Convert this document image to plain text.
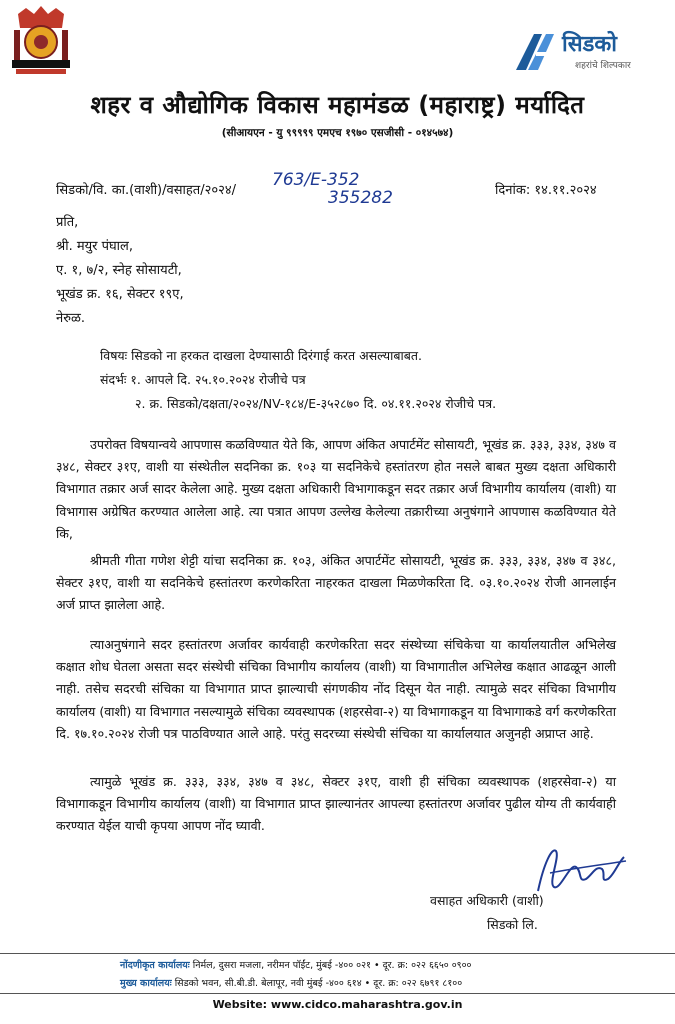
सिडको
शहरांचे शिल्पकार
शहर व औद्योगिक विकास महामंडळ (महाराष्ट्र) मर्यादित
(सीआयएन - यु ९९९९९ एमएच १९७० एसजीसी - ०१४५७४)
सिडको/वि. का.(वाशी)/वसाहत/२०२४/
763/E-352
355282	दिनांक: १४.११.२०२४
प्रति,
श्री. मयुर पंघाल,
ए. १, ७/२, स्नेह सोसायटी,
भूखंड क्र. १६, सेक्टर १९ए,
नेरुळ.
विषयः सिडको ना हरकत दाखला देण्यासाठी दिरंगाई करत असल्याबाबत.
संदर्भः १. आपले दि. २५.१०.२०२४ रोजीचे पत्र
२. क्र. सिडको/दक्षता/२०२४/NV-१८४/E-३५२८७० दि. ०४.११.२०२४ रोजीचे पत्र.
उपरोक्त विषयान्वये आपणास कळविण्यात येते कि, आपण अंकित अपार्टमेंट सोसायटी, भूखंड क्र. ३३३, ३३४, ३४७ व ३४८, सेक्टर ३१ए, वाशी या संस्थेतील सदनिका क्र. १०३ या सदनिकेचे हस्तांतरण होत नसले बाबत मुख्य दक्षता अधिकारी विभागात तक्रार अर्ज सादर केलेला आहे. मुख्य दक्षता अधिकारी विभागाकडून सदर तक्रार अर्ज विभागीय कार्यालय (वाशी) या विभागास अग्रेषित करण्यात आलेला आहे. त्या पत्रात आपण उल्लेख केलेल्या तक्रारीच्या अनुषंगाने आपणास कळविण्यात येते कि,
श्रीमती गीता गणेश शेट्टी यांचा सदनिका क्र. १०३, अंकित अपार्टमेंट सोसायटी, भूखंड क्र. ३३३, ३३४, ३४७ व ३४८, सेक्टर ३१ए, वाशी या सदनिकेचे हस्तांतरण करणेकरिता नाहरकत दाखला मिळणेकरिता दि. ०३.१०.२०२४ रोजी आनलाईन अर्ज प्राप्त झालेला आहे.
त्याअनुषंगाने सदर हस्तांतरण अर्जावर कार्यवाही करणेकरिता सदर संस्थेच्या संचिकेचा या कार्यालयातील अभिलेख कक्षात शोध घेतला असता सदर संस्थेची संचिका विभागीय कार्यालय (वाशी) या विभागातील अभिलेख कक्षात आढळून आली नाही. तसेच सदरची संचिका या विभागात प्राप्त झाल्याची संगणकीय नोंद दिसून येत नाही. त्यामुळे सदर संचिका विभागीय कार्यालय (वाशी) या विभागात नसल्यामुळे संचिका व्यवस्थापक (शहरसेवा-२) या विभागाकडून या विभागाकडे वर्ग करणेकरिता दि. १७.१०.२०२४ रोजी पत्र पाठविण्यात आले आहे. परंतु सदरच्या संस्थेची संचिका या कार्यालयात अजुनही अप्राप्त आहे.
त्यामुळे भूखंड क्र. ३३३, ३३४, ३४७ व ३४८, सेक्टर ३१ए, वाशी ही संचिका व्यवस्थापक (शहरसेवा-२) या विभागाकडून विभागीय कार्यालय (वाशी) या विभागात प्राप्त झाल्यानंतर आपल्या हस्तांतरण अर्जावर पुढील योग्य ती कार्यवाही करण्यात येईल याची कृपया आपण नोंद घ्यावी.
वसाहत अधिकारी (वाशी)
सिडको लि.
नोंदणीकृत कार्यालयः निर्मल, दुसरा मजला, नरीमन पॉईंट, मुंबई -४०० ०२१ • दूर. क्र: ०२२ ६६५० ०९००
मुख्य कार्यालयः सिडको भवन, सी.बी.डी. बेलापूर, नवी मुंबई -४०० ६१४ • दूर. क्र: ०२२ ६७९१ ८१००
Website: www.cidco.maharashtra.gov.in
